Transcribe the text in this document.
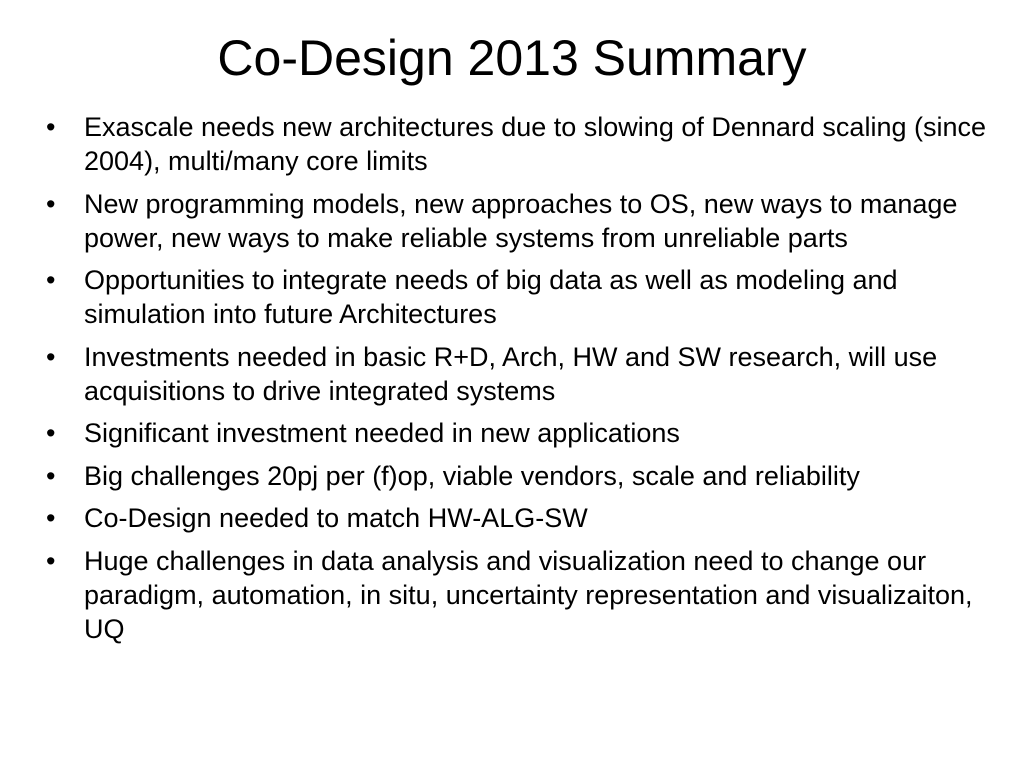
Co-Design 2013 Summary
•	Exascale needs new architectures due to slowing of Dennard scaling (since 2004), multi/many core limits
•	New programming models, new approaches to OS, new ways to manage power, new ways to make reliable systems from unreliable parts
•	Opportunities to integrate needs of big data as well as modeling and simulation into future Architectures
•	Investments needed in basic R+D, Arch, HW and SW research, will use acquisitions to drive integrated systems
•	Significant investment needed in new applications
•	Big challenges 20pj per (f)op, viable vendors, scale and reliability
•	Co-Design needed to match HW-ALG-SW
•	Huge challenges in data analysis and visualization need to change our paradigm, automation, in situ, uncertainty representation and visualizaiton, UQ
